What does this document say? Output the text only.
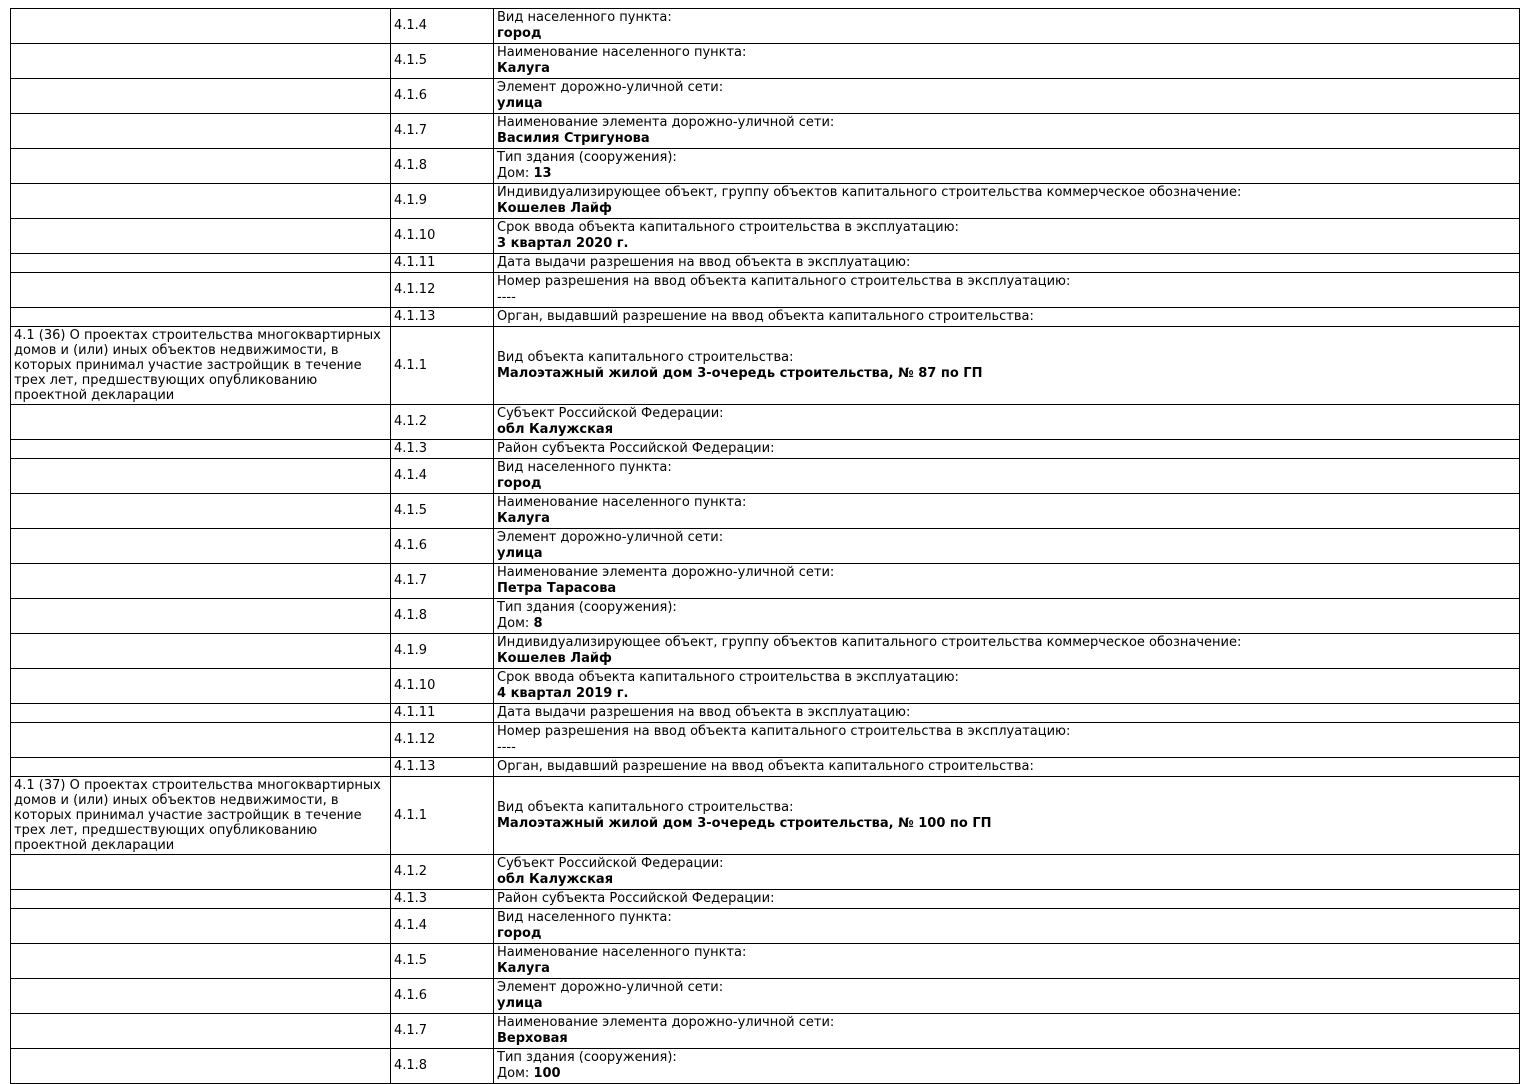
	4.1.4	Вид населенного пункта:
город

	4.1.5	Наименование населенного пункта:
Калуга

	4.1.6	Элемент дорожно-уличной сети:
улица

	4.1.7	Наименование элемента дорожно-уличной сети:
Василия Стригунова

	4.1.8	Тип здания (сооружения):
Дом: 13

	4.1.9	Индивидуализирующее объект, группу объектов капитального строительства коммерческое обозначение:
Кошелев Лайф

	4.1.10	Срок ввода объекта капитального строительства в эксплуатацию:
3 квартал 2020 г.

	4.1.11	Дата выдачи разрешения на ввод объекта в эксплуатацию:

	4.1.12	Номер разрешения на ввод объекта капитального строительства в эксплуатацию:
----

	4.1.13	Орган, выдавший разрешение на ввод объекта капитального строительства:

4.1 (36) О проектах строительства многоквартирных домов и (или) иных объектов недвижимости, в которых принимал участие застройщик в течение трех лет, предшествующих опубликованию проектной декларации	4.1.1	Вид объекта капитального строительства:
Малоэтажный жилой дом 3-очередь строительства, № 87 по ГП

	4.1.2	Субъект Российской Федерации:
обл Калужская

	4.1.3	Район субъекта Российской Федерации:

	4.1.4	Вид населенного пункта:
город

	4.1.5	Наименование населенного пункта:
Калуга

	4.1.6	Элемент дорожно-уличной сети:
улица

	4.1.7	Наименование элемента дорожно-уличной сети:
Петра Тарасова

	4.1.8	Тип здания (сооружения):
Дом: 8

	4.1.9	Индивидуализирующее объект, группу объектов капитального строительства коммерческое обозначение:
Кошелев Лайф

	4.1.10	Срок ввода объекта капитального строительства в эксплуатацию:
4 квартал 2019 г.

	4.1.11	Дата выдачи разрешения на ввод объекта в эксплуатацию:

	4.1.12	Номер разрешения на ввод объекта капитального строительства в эксплуатацию:
----

	4.1.13	Орган, выдавший разрешение на ввод объекта капитального строительства:

4.1 (37) О проектах строительства многоквартирных домов и (или) иных объектов недвижимости, в которых принимал участие застройщик в течение трех лет, предшествующих опубликованию проектной декларации	4.1.1	Вид объекта капитального строительства:
Малоэтажный жилой дом 3-очередь строительства, № 100 по ГП

	4.1.2	Субъект Российской Федерации:
обл Калужская

	4.1.3	Район субъекта Российской Федерации:

	4.1.4	Вид населенного пункта:
город

	4.1.5	Наименование населенного пункта:
Калуга

	4.1.6	Элемент дорожно-уличной сети:
улица

	4.1.7	Наименование элемента дорожно-уличной сети:
Верховая

	4.1.8	Тип здания (сооружения):
Дом: 100
